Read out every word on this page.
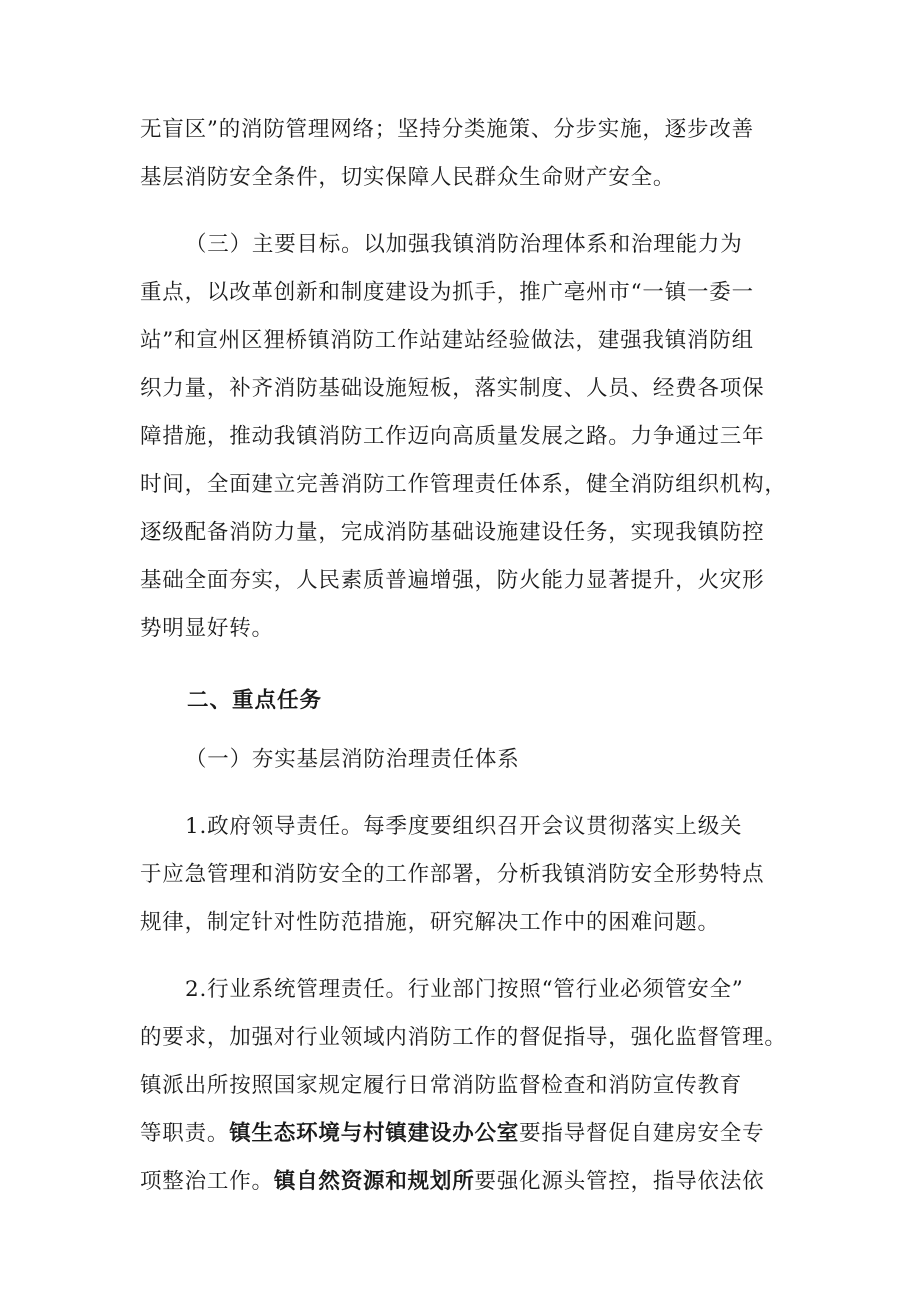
无盲区”的消防管理网络；坚持分类施策、分步实施，逐步改善
基层消防安全条件，切实保障人民群众生命财产安全。
（三）主要目标。以加强我镇消防治理体系和治理能力为
重点，以改革创新和制度建设为抓手，推广亳州市“一镇一委一
站”和宣州区狸桥镇消防工作站建站经验做法，建强我镇消防组
织力量，补齐消防基础设施短板，落实制度、人员、经费各项保
障措施，推动我镇消防工作迈向高质量发展之路。力争通过三年
时间，全面建立完善消防工作管理责任体系，健全消防组织机构，
逐级配备消防力量，完成消防基础设施建设任务，实现我镇防控
基础全面夯实，人民素质普遍增强，防火能力显著提升，火灾形
势明显好转。
二、重点任务
（一）夯实基层消防治理责任体系
1.政府领导责任。每季度要组织召开会议贯彻落实上级关
于应急管理和消防安全的工作部署，分析我镇消防安全形势特点
规律，制定针对性防范措施，研究解决工作中的困难问题。
2.行业系统管理责任。行业部门按照“管行业必须管安全”
的要求，加强对行业领域内消防工作的督促指导，强化监督管理。
镇派出所按照国家规定履行日常消防监督检查和消防宣传教育
等职责。镇生态环境与村镇建设办公室要指导督促自建房安全专
项整治工作。镇自然资源和规划所要强化源头管控，指导依法依
